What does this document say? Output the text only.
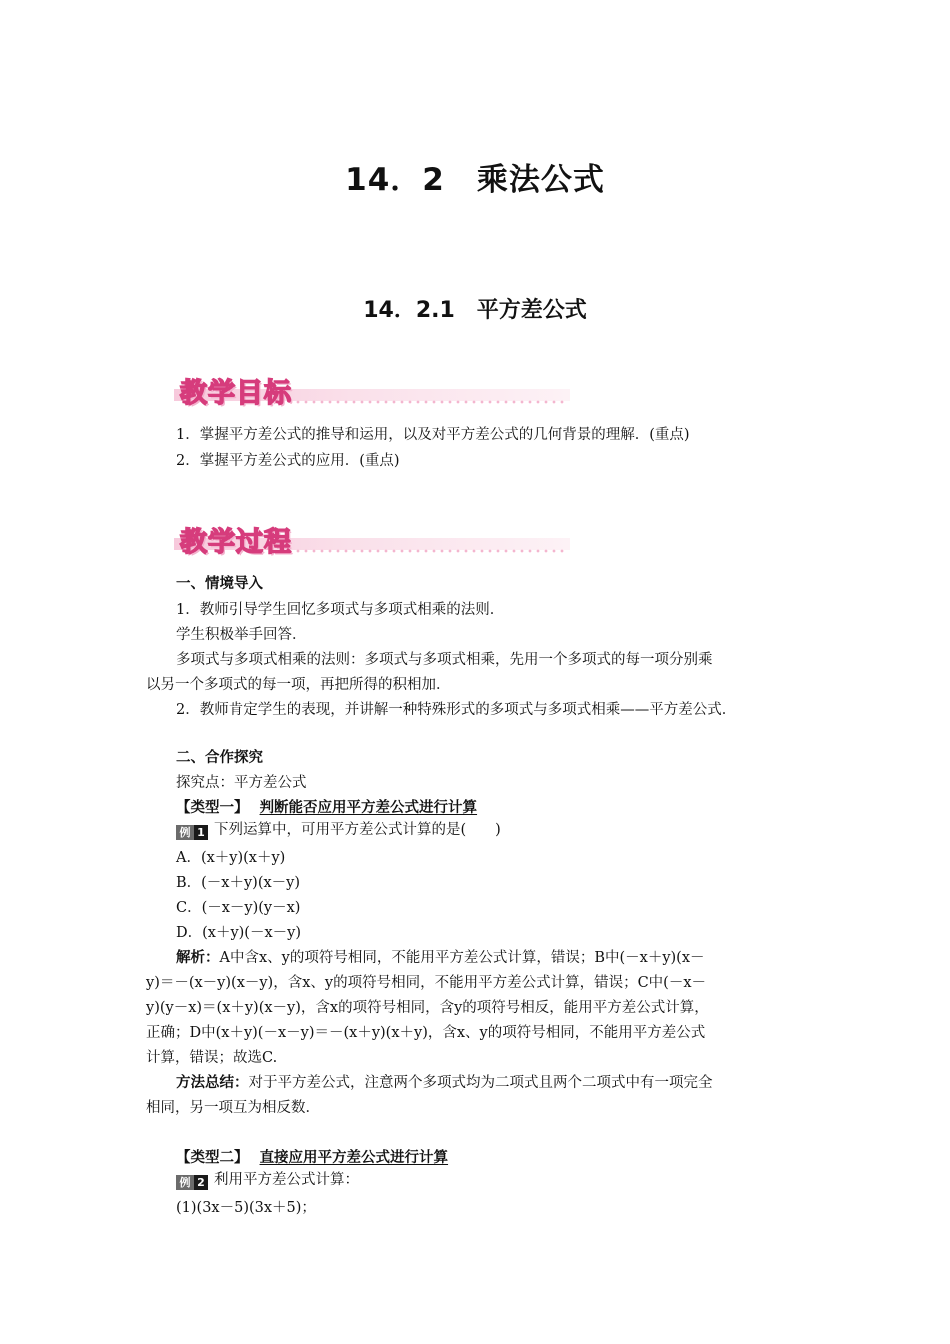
14．2　乘法公式
14．2.1　平方差公式
教学目标
1．掌握平方差公式的推导和运用，以及对平方差公式的几何背景的理解．(重点)
2．掌握平方差公式的应用．(重点)
教学过程
一、情境导入
1．教师引导学生回忆多项式与多项式相乘的法则．
学生积极举手回答．
多项式与多项式相乘的法则：多项式与多项式相乘，先用一个多项式的每一项分别乘
以另一个多项式的每一项，再把所得的积相加．
2．教师肯定学生的表现，并讲解一种特殊形式的多项式与多项式相乘——平方差公式．
二、合作探究
探究点：平方差公式
【类型一】 判断能否应用平方差公式进行计算
例 1 下列运算中，可用平方差公式计算的是(　　)
A．(x＋y)(x＋y)
B．(－x＋y)(x－y)
C．(－x－y)(y－x)
D．(x＋y)(－x－y)
解析：A中含x、y的项符号相同，不能用平方差公式计算，错误；B中(－x＋y)(x－
y)＝－(x－y)(x－y)，含x、y的项符号相同，不能用平方差公式计算，错误；C中(－x－
y)(y－x)＝(x＋y)(x－y)，含x的项符号相同，含y的项符号相反，能用平方差公式计算，
正确；D中(x＋y)(－x－y)＝－(x＋y)(x＋y)，含x、y的项符号相同，不能用平方差公式
计算，错误；故选C.
方法总结：对于平方差公式，注意两个多项式均为二项式且两个二项式中有一项完全
相同，另一项互为相反数．
【类型二】 直接应用平方差公式进行计算
例 2 利用平方差公式计算：
(1)(3x－5)(3x＋5)；
